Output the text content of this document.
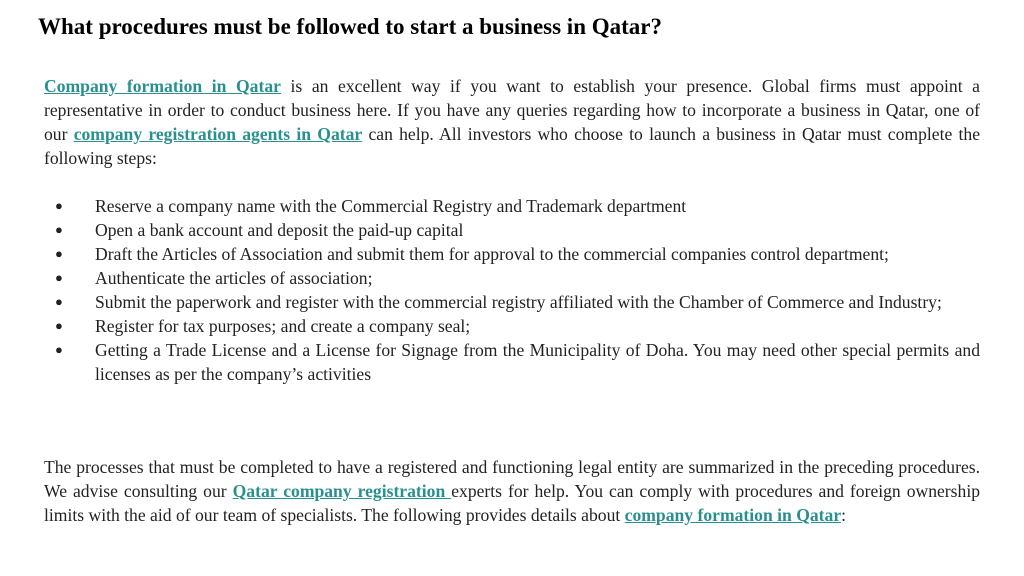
What procedures must be followed to start a business in Qatar?

Company formation in Qatar is an excellent way if you want to establish your presence. Global firms must appoint a representative in order to conduct business here. If you have any queries regarding how to incorporate a business in Qatar, one of our company registration agents in Qatar can help. All investors who choose to launch a business in Qatar must complete the following steps:

● Reserve a company name with the Commercial Registry and Trademark department
● Open a bank account and deposit the paid-up capital
● Draft the Articles of Association and submit them for approval to the commercial companies control department;
● Authenticate the articles of association;
● Submit the paperwork and register with the commercial registry affiliated with the Chamber of Commerce and Industry;
● Register for tax purposes; and create a company seal;
● Getting a Trade License and a License for Signage from the Municipality of Doha. You may need other special permits and licenses as per the company’s activities

The processes that must be completed to have a registered and functioning legal entity are summarized in the preceding procedures. We advise consulting our Qatar company registration experts for help. You can comply with procedures and foreign ownership limits with the aid of our team of specialists. The following provides details about company formation in Qatar:
